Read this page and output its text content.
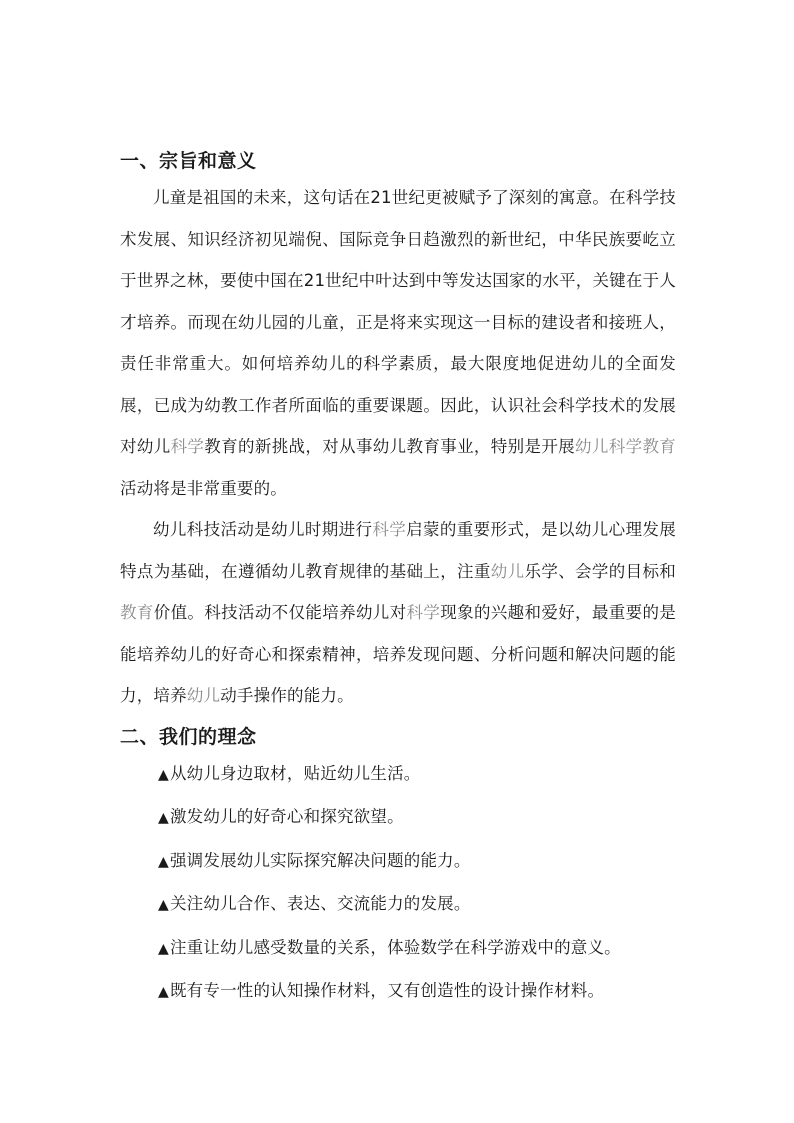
一、宗旨和意义

儿童是祖国的未来，这句话在21世纪更被赋予了深刻的寓意。在科学技术发展、知识经济初见端倪、国际竞争日趋激烈的新世纪，中华民族要屹立于世界之林，要使中国在21世纪中叶达到中等发达国家的水平，关键在于人才培养。而现在幼儿园的儿童，正是将来实现这一目标的建设者和接班人，责任非常重大。如何培养幼儿的科学素质，最大限度地促进幼儿的全面发展，已成为幼教工作者所面临的重要课题。因此，认识社会科学技术的发展对幼儿科学教育的新挑战，对从事幼儿教育事业，特别是开展幼儿科学教育活动将是非常重要的。

幼儿科技活动是幼儿时期进行科学启蒙的重要形式，是以幼儿心理发展特点为基础，在遵循幼儿教育规律的基础上，注重幼儿乐学、会学的目标和教育价值。科技活动不仅能培养幼儿对科学现象的兴趣和爱好，最重要的是能培养幼儿的好奇心和探索精神，培养发现问题、分析问题和解决问题的能力，培养幼儿动手操作的能力。

二、我们的理念
▲从幼儿身边取材，贴近幼儿生活。
▲激发幼儿的好奇心和探究欲望。
▲强调发展幼儿实际探究解决问题的能力。
▲关注幼儿合作、表达、交流能力的发展。
▲注重让幼儿感受数量的关系，体验数学在科学游戏中的意义。
▲既有专一性的认知操作材料，又有创造性的设计操作材料。
